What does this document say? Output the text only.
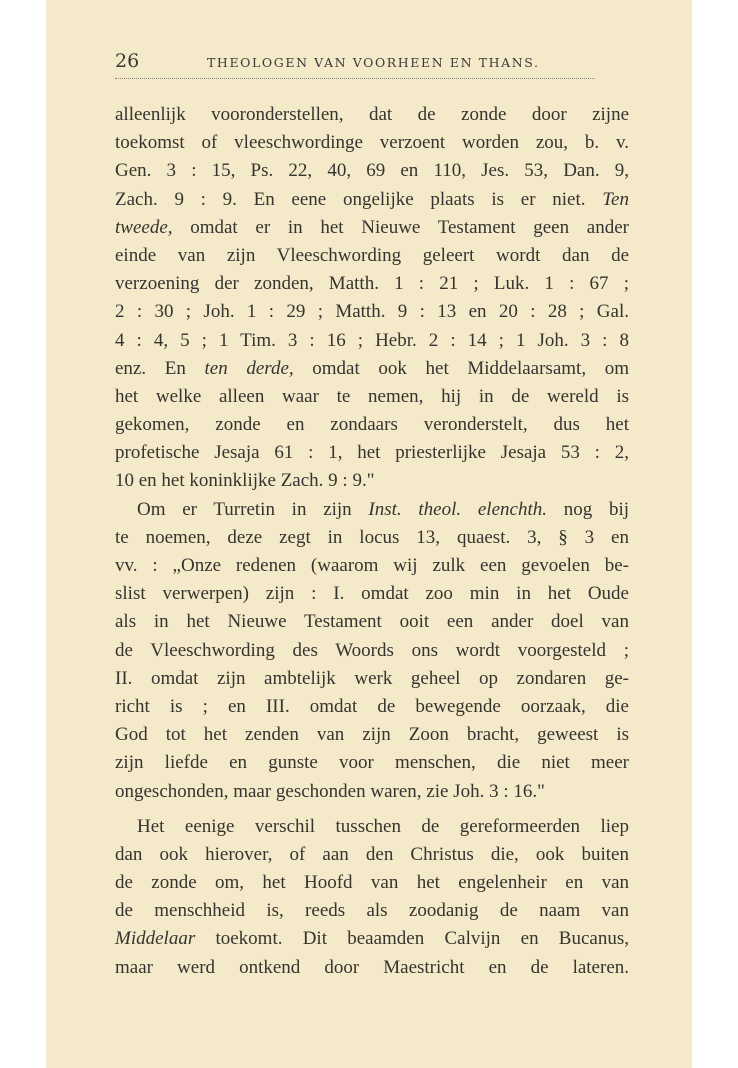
26	THEOLOGEN VAN VOORHEEN EN THANS.
alleenlijk vooronderstellen, dat de zonde door zijne
toekomst of vleeschwordinge verzoent worden zou, b. v.
Gen. 3 : 15, Ps. 22, 40, 69 en 110, Jes. 53, Dan. 9,
Zach. 9 : 9. En eene ongelijke plaats is er niet. Ten
tweede, omdat er in het Nieuwe Testament geen ander
einde van zijn Vleeschwording geleert wordt dan de
verzoening der zonden, Matth. 1 : 21 ; Luk. 1 : 67 ;
2 : 30 ; Joh. 1 : 29 ; Matth. 9 : 13 en 20 : 28 ; Gal.
4 : 4, 5 ; 1 Tim. 3 : 16 ; Hebr. 2 : 14 ; 1 Joh. 3 : 8
enz. En ten derde, omdat ook het Middelaarsamt, om
het welke alleen waar te nemen, hij in de wereld is
gekomen, zonde en zondaars veronderstelt, dus het
profetische Jesaja 61 : 1, het priesterlijke Jesaja 53 : 2,
10 en het koninklijke Zach. 9 : 9."
Om er Turretin in zijn Inst. theol. elenchth. nog bij
te noemen, deze zegt in locus 13, quaest. 3, § 3 en
vv. : „Onze redenen (waarom wij zulk een gevoelen be-
slist verwerpen) zijn : I. omdat zoo min in het Oude
als in het Nieuwe Testament ooit een ander doel van
de Vleeschwording des Woords ons wordt voorgesteld ;
II. omdat zijn ambtelijk werk geheel op zondaren ge-
richt is ; en III. omdat de bewegende oorzaak, die
God tot het zenden van zijn Zoon bracht, geweest is
zijn liefde en gunste voor menschen, die niet meer
ongeschonden, maar geschonden waren, zie Joh. 3 : 16."
Het eenige verschil tusschen de gereformeerden liep
dan ook hierover, of aan den Christus die, ook buiten
de zonde om, het Hoofd van het engelenheir en van
de menschheid is, reeds als zoodanig de naam van
Middelaar toekomt. Dit beaamden Calvijn en Bucanus,
maar werd ontkend door Maestricht en de lateren.
